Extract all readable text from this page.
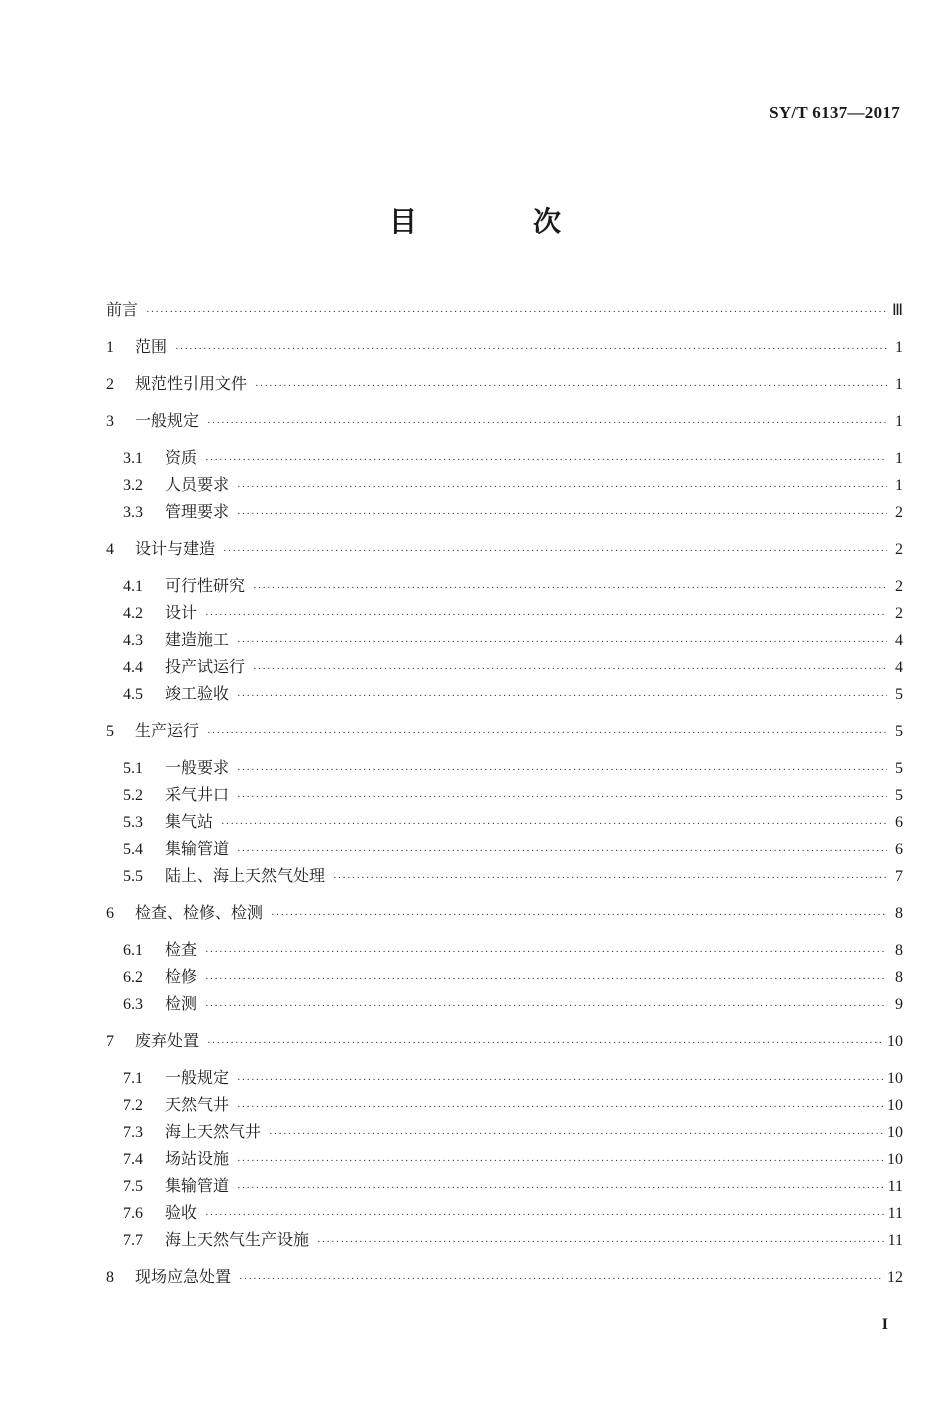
SY/T 6137—2017
目　次
前言 ·····	Ⅲ
1	范围 ·····	1
2	规范性引用文件 ·····	1
3	一般规定 ·····	1
3.1	资质 ·····	1
3.2	人员要求 ·····	1
3.3	管理要求 ·····	2
4	设计与建造 ·····	2
4.1	可行性研究 ·····	2
4.2	设计 ·····	2
4.3	建造施工 ·····	4
4.4	投产试运行 ·····	4
4.5	竣工验收 ·····	5
5	生产运行 ·····	5
5.1	一般要求 ·····	5
5.2	采气井口 ·····	5
5.3	集气站 ·····	6
5.4	集输管道 ·····	6
5.5	陆上、海上天然气处理 ·····	7
6	检查、检修、检测 ·····	8
6.1	检查 ·····	8
6.2	检修 ·····	8
6.3	检测 ·····	9
7	废弃处置 ·····	10
7.1	一般规定 ·····	10
7.2	天然气井 ·····	10
7.3	海上天然气井 ·····	10
7.4	场站设施 ·····	10
7.5	集输管道 ·····	11
7.6	验收 ·····	11
7.7	海上天然气生产设施 ·····	11
8	现场应急处置 ·····	12
I
